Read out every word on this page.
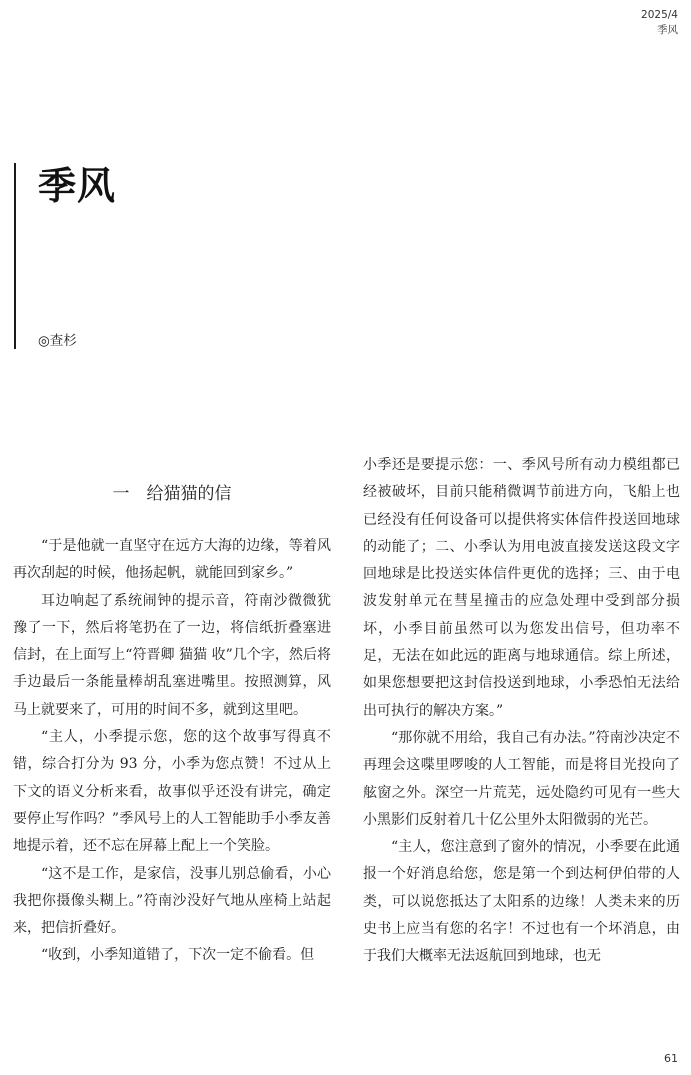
2025/4
季风
季风
◎查杉
一　给猫猫的信

“于是他就一直坚守在远方大海的边缘，等着风再次刮起的时候，他扬起帆，就能回到家乡。”

耳边响起了系统闹钟的提示音，符南沙微微犹豫了一下，然后将笔扔在了一边，将信纸折叠塞进信封，在上面写上“符晋卿 猫猫 收”几个字，然后将手边最后一条能量棒胡乱塞进嘴里。按照测算，风马上就要来了，可用的时间不多，就到这里吧。

“主人，小季提示您，您的这个故事写得真不错，综合打分为 93 分，小季为您点赞！不过从上下文的语义分析来看，故事似乎还没有讲完，确定要停止写作吗？”季风号上的人工智能助手小季友善地提示着，还不忘在屏幕上配上一个笑脸。

“这不是工作，是家信，没事儿别总偷看，小心我把你摄像头糊上。”符南沙没好气地从座椅上站起来，把信折叠好。

“收到，小季知道错了，下次一定不偷看。但

小季还是要提示您：一、季风号所有动力模组都已经被破坏，目前只能稍微调节前进方向，飞船上也已经没有任何设备可以提供将实体信件投送回地球的动能了；二、小季认为用电波直接发送这段文字回地球是比投送实体信件更优的选择；三、由于电波发射单元在彗星撞击的应急处理中受到部分损坏，小季目前虽然可以为您发出信号，但功率不足，无法在如此远的距离与地球通信。综上所述，如果您想要把这封信投送到地球，小季恐怕无法给出可执行的解决方案。”

“那你就不用给，我自己有办法。”符南沙决定不再理会这喋里啰唆的人工智能，而是将目光投向了舷窗之外。深空一片荒芜，远处隐约可见有一些大小黑影们反射着几十亿公里外太阳微弱的光芒。

“主人，您注意到了窗外的情况，小季要在此通报一个好消息给您，您是第一个到达柯伊伯带的人类，可以说您抵达了太阳系的边缘！人类未来的历史书上应当有您的名字！不过也有一个坏消息，由于我们大概率无法返航回到地球，也无

61
